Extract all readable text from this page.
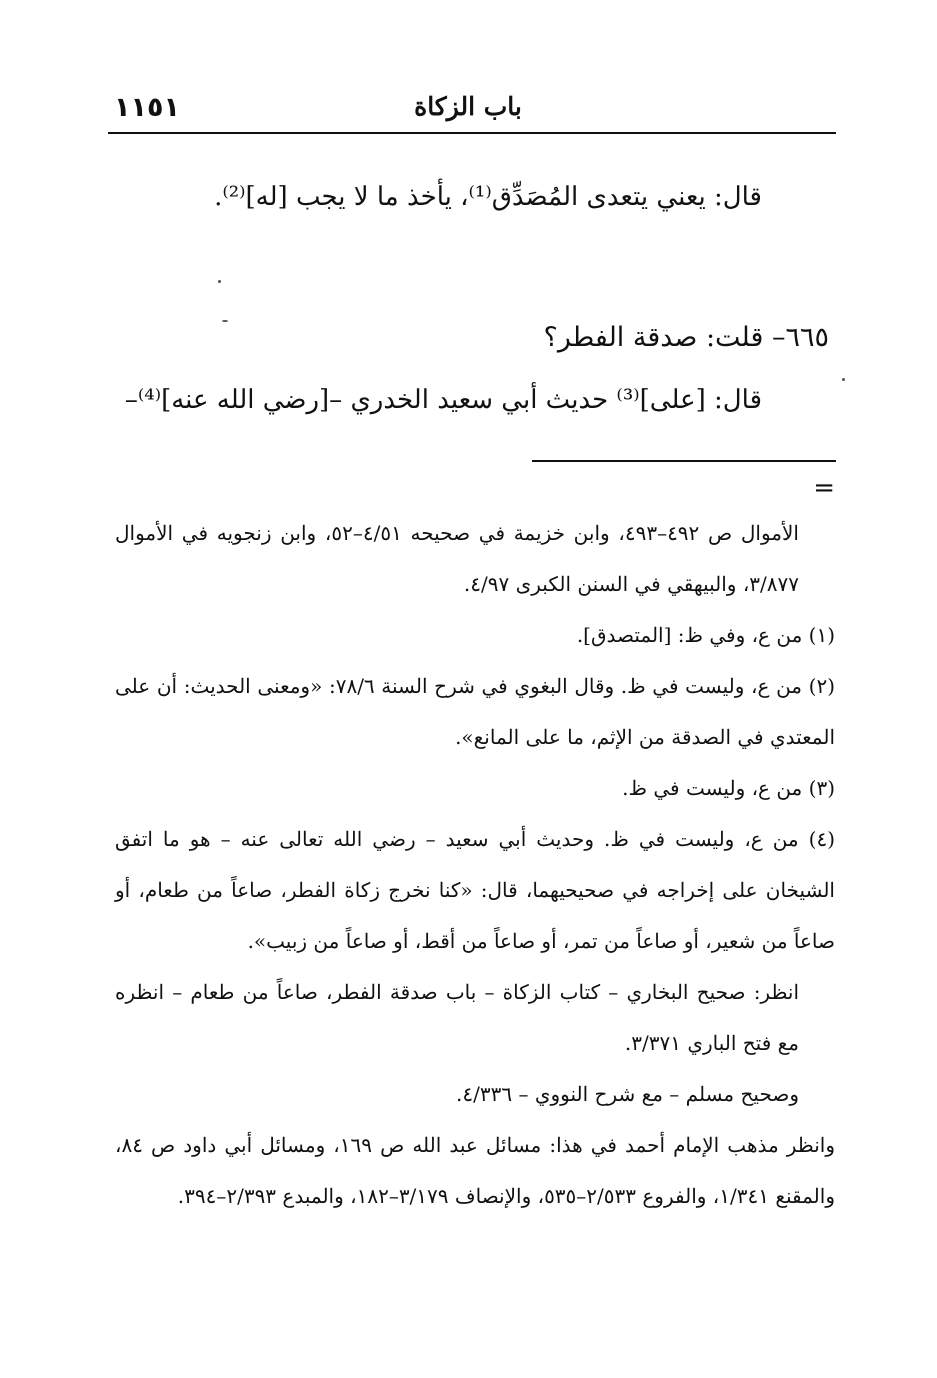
١١٥١	باب الزكاة
قال: يعني يتعدى المُصَدِّق⁽¹⁾، يأخذ ما لا يجب [له]⁽²⁾.
٦٦٥– قلت: صدقة الفطر؟
قال: [على]⁽³⁾ حديث أبي سعيد الخدري –[رضي الله عنه]⁽⁴⁾–
=
الأموال ص ٤٩٢–٤٩٣، وابن خزيمة في صحيحه ٤/٥١–٥٢، وابن زنجويه في الأموال ٣/٨٧٧، والبيهقي في السنن الكبرى ٤/٩٧.
(١) من ع، وفي ظ: [المتصدق].
(٢) من ع، وليست في ظ. وقال البغوي في شرح السنة ٧٨/٦: «ومعنى الحديث: أن على المعتدي في الصدقة من الإثم، ما على المانع».
(٣) من ع، وليست في ظ.
(٤) من ع، وليست في ظ. وحديث أبي سعيد – رضي الله تعالى عنه – هو ما اتفق الشيخان على إخراجه في صحيحيهما، قال: «كنا نخرج زكاة الفطر، صاعاً من طعام، أو صاعاً من شعير، أو صاعاً من تمر، أو صاعاً من أقط، أو صاعاً من زبيب».
انظر: صحيح البخاري – كتاب الزكاة – باب صدقة الفطر، صاعاً من طعام – انظره مع فتح الباري ٣/٣٧١.
وصحيح مسلم – مع شرح النووي – ٤/٣٣٦.
وانظر مذهب الإمام أحمد في هذا: مسائل عبد الله ص ١٦٩، ومسائل أبي داود ص ٨٤، والمقنع ١/٣٤١، والفروع ٢/٥٣٣–٥٣٥، والإنصاف ٣/١٧٩–١٨٢، والمبدع ٢/٣٩٣–٣٩٤.
